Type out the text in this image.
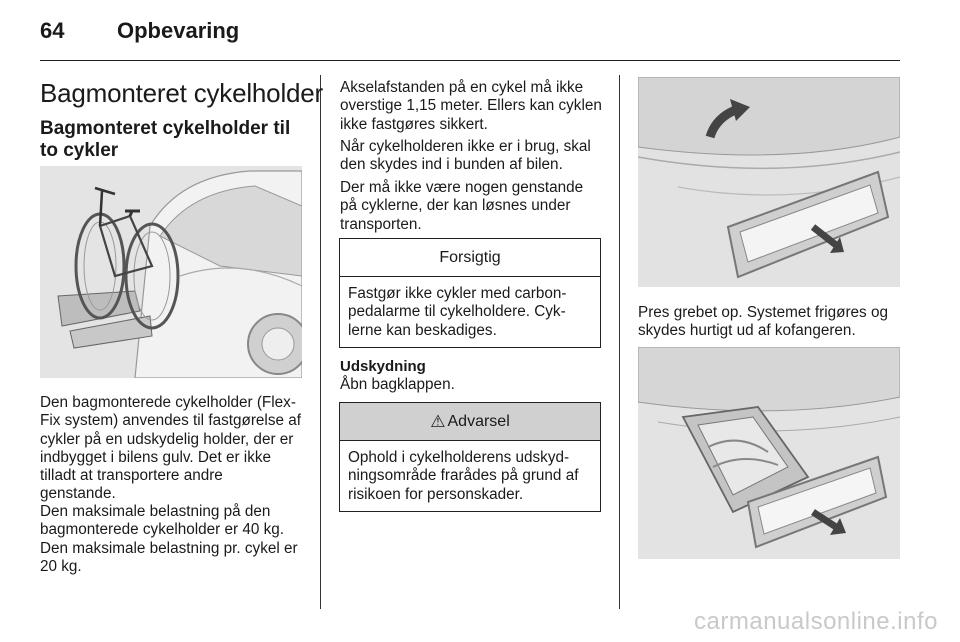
64 Opbevaring
Bagmonteret cykelholder
Bagmonteret cykelholder til to cykler
Den bagmonterede cykelholder (Flex-Fix system) anvendes til fastgørelse af cykler på en udskydelig holder, der er indbygget i bilens gulv. Det er ikke tilladt at transportere andre genstande.
Den maksimale belastning på den bagmonterede cykelholder er 40 kg. Den maksimale belastning pr. cykel er 20 kg.
Akselafstanden på en cykel må ikke overstige 1,15 meter. Ellers kan cyklen ikke fastgøres sikkert.
Når cykelholderen ikke er i brug, skal den skydes ind i bunden af bilen.
Der må ikke være nogen genstande på cyklerne, der kan løsnes under transporten.
Forsigtig
Fastgør ikke cykler med carbonpedalarme til cykelholdere. Cyklerne kan beskadiges.
Udskydning
Åbn bagklappen.
⚠ Advarsel
Ophold i cykelholderens udskydningsområde frarådes på grund af risikoen for personskader.
Pres grebet op. Systemet frigøres og skydes hurtigt ud af kofangeren.
carmanualsonline.info
